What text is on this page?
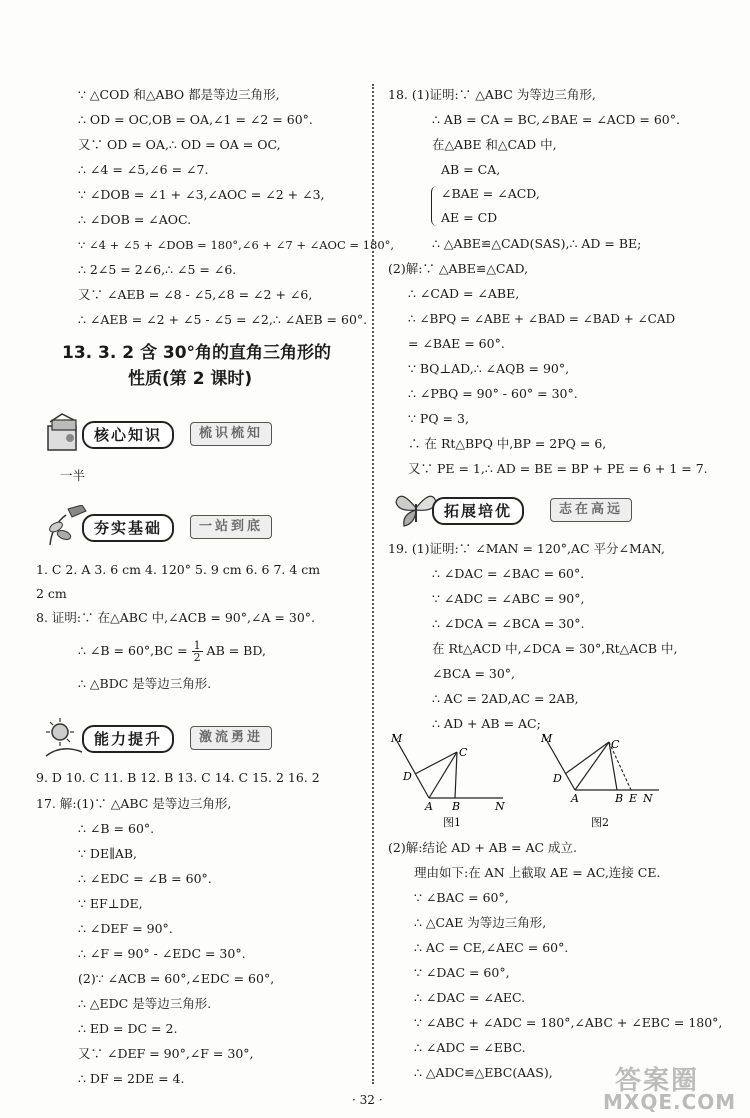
∵ △COD 和△ABO 都是等边三角形,
∴ OD = OC,OB = OA,∠1 = ∠2 = 60°.
又∵ OD = OA,∴ OD = OA = OC,
∴ ∠4 = ∠5,∠6 = ∠7.
∵ ∠DOB = ∠1 + ∠3,∠AOC = ∠2 + ∠3,
∴ ∠DOB = ∠AOC.
∵ ∠4 + ∠5 + ∠DOB = 180°,∠6 + ∠7 + ∠AOC = 180°,
∴ 2∠5 = 2∠6,∴ ∠5 = ∠6.
又∵ ∠AEB = ∠8 - ∠5,∠8 = ∠2 + ∠6,
∴ ∠AEB = ∠2 + ∠5 - ∠5 = ∠2,∴ ∠AEB = 60°.
13. 3. 2 含 30°角的直角三角形的
性质(第 2 课时)
核心知识	梳识梳知
一半
夯实基础	一站到底
1. C 2. A 3. 6 cm 4. 120° 5. 9 cm 6. 6 7. 4 cm
2 cm
8. 证明:∵ 在△ABC 中,∠ACB = 90°,∠A = 30°.
∴ ∠B = $60^\circ,BC = \frac{1}{2}$ AB = BD,
∴ △BDC 是等边三角形.
能力提升	激流勇进
9. D 10. C 11. B 12. B 13. C 14. C 15. 2 16. 2
17. 解:(1)∵ △ABC 是等边三角形,
∴ ∠B = 60°.
∵ DE∥AB,
∴ ∠EDC = ∠B = 60°.
∵ EF⊥DE,
∴ ∠DEF = 90°.
∴ ∠F = 90° - ∠EDC = 30°.
(2)∵ ∠ACB = 60°,∠EDC = 60°,
∴ △EDC 是等边三角形.
∴ ED = DC = 2.
又∵ ∠DEF = 90°,∠F = 30°,
∴ DF = 2DE = 4.
18. (1)证明:∵ △ABC 为等边三角形,
∴ AB = CA = BC,∠BAE = ∠ACD = 60°.
在△ABE 和△CAD 中,
AB = CA,
∠BAE = ∠ACD,
AE = CD
∴ △ABE≌△CAD(SAS),∴ AD = BE;
(2)解:∵ △ABE≌△CAD,
∴ ∠CAD = ∠ABE,
∴ ∠BPQ = ∠ABE + ∠BAD = ∠BAD + ∠CAD
= ∠BAE = 60°.
∵ BQ⊥AD,∴ ∠AQB = 90°,
∴ ∠PBQ = 90° - 60° = 30°.
∵ PQ = 3,
∴ 在 Rt△BPQ 中,BP = 2PQ = 6,
又∵ PE = 1,∴ AD = BE = BP + PE = 6 + 1 = 7.
拓展培优	志在高远
19. (1)证明:∵ ∠MAN = 120°,AC 平分∠MAN,
∴ ∠DAC = ∠BAC = 60°.
∵ ∠ADC = ∠ABC = 90°,
∴ ∠DCA = ∠BCA = 30°.
在 Rt△ACD 中,∠DCA = 30°,Rt△ACB 中,
∠BCA = 30°,
∴ AC = 2AD,AC = 2AB,
∴ AD + AB = AC;
M
C
D
A B	N
图1
M	C
D
A	B E N
图2
(2)解:结论 AD + AB = AC 成立.
理由如下:在 AN 上截取 AE = AC,连接 CE.
∵ ∠BAC = 60°,
∴ △CAE 为等边三角形,
∴ AC = CE,∠AEC = 60°.
∵ ∠DAC = 60°,
∴ ∠DAC = ∠AEC.
∵ ∠ABC + ∠ADC = 180°,∠ABC + ∠EBC = 180°,
∴ ∠ADC = ∠EBC.
∴ △ADC≌△EBC(AAS),
· 32 ·
答案圈
MXQE.COM
